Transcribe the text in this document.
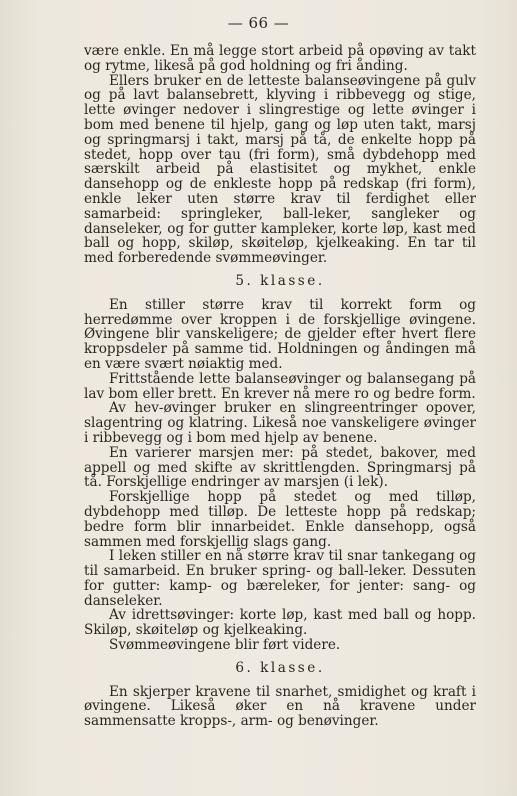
— 66 —

være enkle. En må legge stort arbeid på opøving av takt og rytme, likeså på god holdning og fri ånding.

Ellers bruker en de letteste balanseøvingene på gulv og på lavt balansebrett, klyving i ribbevegg og stige, lette øvinger nedover i slingrestige og lette øvinger i bom med benene til hjelp, gang og løp uten takt, marsj og springmarsj i takt, marsj på tå, de enkelte hopp på stedet, hopp over tau (fri form), små dybdehopp med særskilt arbeid på elastisitet og mykhet, enkle dansehopp og de enkleste hopp på redskap (fri form), enkle leker uten større krav til ferdighet eller samarbeid: springleker, ball-leker, sangleker og danseleker, og for gutter kampleker, korte løp, kast med ball og hopp, skiløp, skøiteløp, kjelkeaking. En tar til med forberedende svømmeøvinger.

5. klasse.

En stiller større krav til korrekt form og herredømme over kroppen i de forskjellige øvingene. Øvingene blir vanskeligere; de gjelder efter hvert flere kroppsdeler på samme tid. Holdningen og åndingen må en være svært nøiaktig med.

Frittstående lette balanseøvinger og balansegang på lav bom eller brett. En krever nå mere ro og bedre form.

Av hev-øvinger bruker en slingreentringer opover, slagentring og klatring. Likeså noe vanskeligere øvinger i ribbevegg og i bom med hjelp av benene.

En varierer marsjen mer: på stedet, bakover, med appell og med skifte av skrittlengden. Springmarsj på tå. Forskjellige endringer av marsjen (i lek).

Forskjellige hopp på stedet og med tilløp, dybdehopp med tilløp. De letteste hopp på redskap; bedre form blir innarbeidet. Enkle dansehopp, også sammen med forskjellig slags gang.

I leken stiller en nå større krav til snar tankegang og til samarbeid. En bruker spring- og ball-leker. Dessuten for gutter: kamp- og bæreleker, for jenter: sang- og danseleker.

Av idrettsøvinger: korte løp, kast med ball og hopp. Skiløp, skøiteløp og kjelkeaking.

Svømmeøvingene blir ført videre.

6. klasse.

En skjerper kravene til snarhet, smidighet og kraft i øvingene. Likeså øker en nå kravene under sammensatte kropps-, arm- og benøvinger.
